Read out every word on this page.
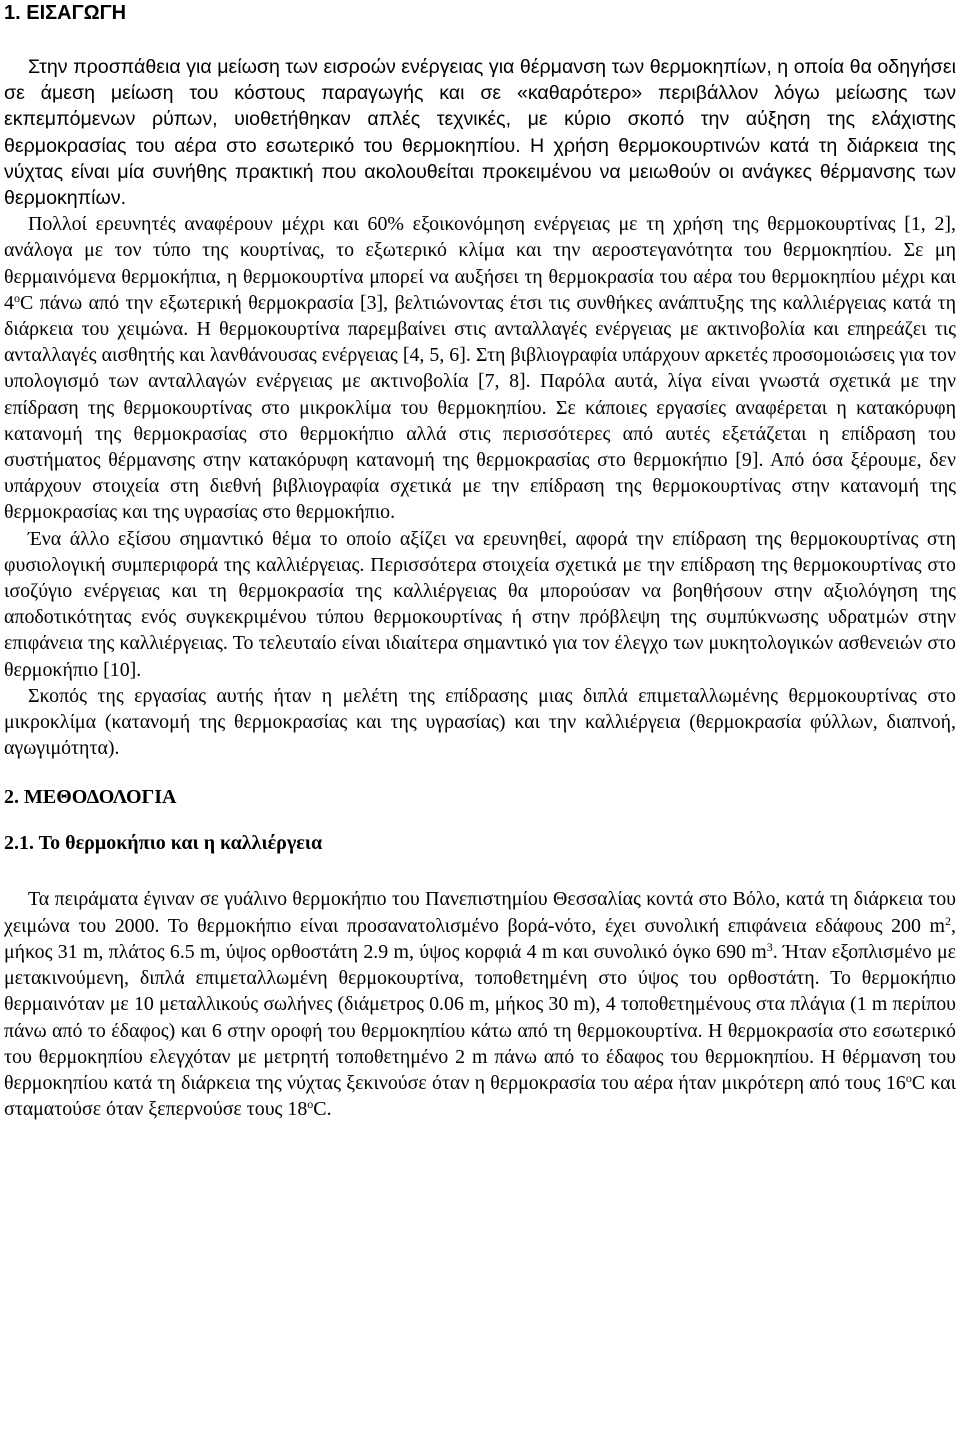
1. ΕΙΣΑΓΩΓΗ

Στην προσπάθεια για μείωση των εισροών ενέργειας για θέρμανση των θερμοκηπίων, η οποία θα οδηγήσει σε άμεση μείωση του κόστους παραγωγής και σε «καθαρότερο» περιβάλλον λόγω μείωσης των εκπεμπόμενων ρύπων, υιοθετήθηκαν απλές τεχνικές, με κύριο σκοπό την αύξηση της ελάχιστης θερμοκρασίας του αέρα στο εσωτερικό του θερμοκηπίου. Η χρήση θερμοκουρτινών κατά τη διάρκεια της νύχτας είναι μία συνήθης πρακτική που ακολουθείται προκειμένου να μειωθούν οι ανάγκες θέρμανσης των θερμοκηπίων.

Πολλοί ερευνητές αναφέρουν μέχρι και 60% εξοικονόμηση ενέργειας με τη χρήση της θερμοκουρτίνας [1, 2], ανάλογα με τον τύπο της κουρτίνας, το εξωτερικό κλίμα και την αεροστεγανότητα του θερμοκηπίου. Σε μη θερμαινόμενα θερμοκήπια, η θερμοκουρτίνα μπορεί να αυξήσει τη θερμοκρασία του αέρα του θερμοκηπίου μέχρι και 4$^o$C πάνω από την εξωτερική θερμοκρασία [3], βελτιώνοντας έτσι τις συνθήκες ανάπτυξης της καλλιέργειας κατά τη διάρκεια του χειμώνα. Η θερμοκουρτίνα παρεμβαίνει στις ανταλλαγές ενέργειας με ακτινοβολία και επηρεάζει τις ανταλλαγές αισθητής και λανθάνουσας ενέργειας [4, 5, 6]. Στη βιβλιογραφία υπάρχουν αρκετές προσομοιώσεις για τον υπολογισμό των ανταλλαγών ενέργειας με ακτινοβολία [7, 8]. Παρόλα αυτά, λίγα είναι γνωστά σχετικά με την επίδραση της θερμοκουρτίνας στο μικροκλίμα του θερμοκηπίου. Σε κάποιες εργασίες αναφέρεται η κατακόρυφη κατανομή της θερμοκρασίας στο θερμοκήπιο αλλά στις περισσότερες από αυτές εξετάζεται η επίδραση του συστήματος θέρμανσης στην κατακόρυφη κατανομή της θερμοκρασίας στο θερμοκήπιο [9]. Από όσα ξέρουμε, δεν υπάρχουν στοιχεία στη διεθνή βιβλιογραφία σχετικά με την επίδραση της θερμοκουρτίνας στην κατανομή της θερμοκρασίας και της υγρασίας στο θερμοκήπιο.

Ένα άλλο εξίσου σημαντικό θέμα το οποίο αξίζει να ερευνηθεί, αφορά την επίδραση της θερμοκουρτίνας στη φυσιολογική συμπεριφορά της καλλιέργειας. Περισσότερα στοιχεία σχετικά με την επίδραση της θερμοκουρτίνας στο ισοζύγιο ενέργειας και τη θερμοκρασία της καλλιέργειας θα μπορούσαν να βοηθήσουν στην αξιολόγηση της αποδοτικότητας ενός συγκεκριμένου τύπου θερμοκουρτίνας ή στην πρόβλεψη της συμπύκνωσης υδρατμών στην επιφάνεια της καλλιέργειας. Το τελευταίο είναι ιδιαίτερα σημαντικό για τον έλεγχο των μυκητολογικών ασθενειών στο θερμοκήπιο [10].

Σκοπός της εργασίας αυτής ήταν η μελέτη της επίδρασης μιας διπλά επιμεταλλωμένης θερμοκουρτίνας στο μικροκλίμα (κατανομή της θερμοκρασίας και της υγρασίας) και την καλλιέργεια (θερμοκρασία φύλλων, διαπνοή, αγωγιμότητα).

2. ΜΕΘΟΔΟΛΟΓΙΑ
2.1. Το θερμοκήπιο και η καλλιέργεια

Τα πειράματα έγιναν σε γυάλινο θερμοκήπιο του Πανεπιστημίου Θεσσαλίας κοντά στο Βόλο, κατά τη διάρκεια του χειμώνα του 2000. Το θερμοκήπιο είναι προσανατολισμένο βορά-νότο, έχει συνολική επιφάνεια εδάφους 200 $m^2$, μήκος 31 m, πλάτος 6.5 m, ύψος ορθοστάτη 2.9 m, ύψος κορφιά 4 m και συνολικό όγκο 690 $m^3$. Ήταν εξοπλισμένο με μετακινούμενη, διπλά επιμεταλλωμένη θερμοκουρτίνα, τοποθετημένη στο ύψος του ορθοστάτη. Το θερμοκήπιο θερμαινόταν με 10 μεταλλικούς σωλήνες (διάμετρος 0.06 m, μήκος 30 m), 4 τοποθετημένους στα πλάγια (1 m περίπου πάνω από το έδαφος) και 6 στην οροφή του θερμοκηπίου κάτω από τη θερμοκουρτίνα. Η θερμοκρασία στο εσωτερικό του θερμοκηπίου ελεγχόταν με μετρητή τοποθετημένο 2 m πάνω από το έδαφος του θερμοκηπίου. Η θέρμανση του θερμοκηπίου κατά τη διάρκεια της νύχτας ξεκινούσε όταν η θερμοκρασία του αέρα ήταν μικρότερη από τους 16$^o$C και σταματούσε όταν ξεπερνούσε τους 18$^o$C.
